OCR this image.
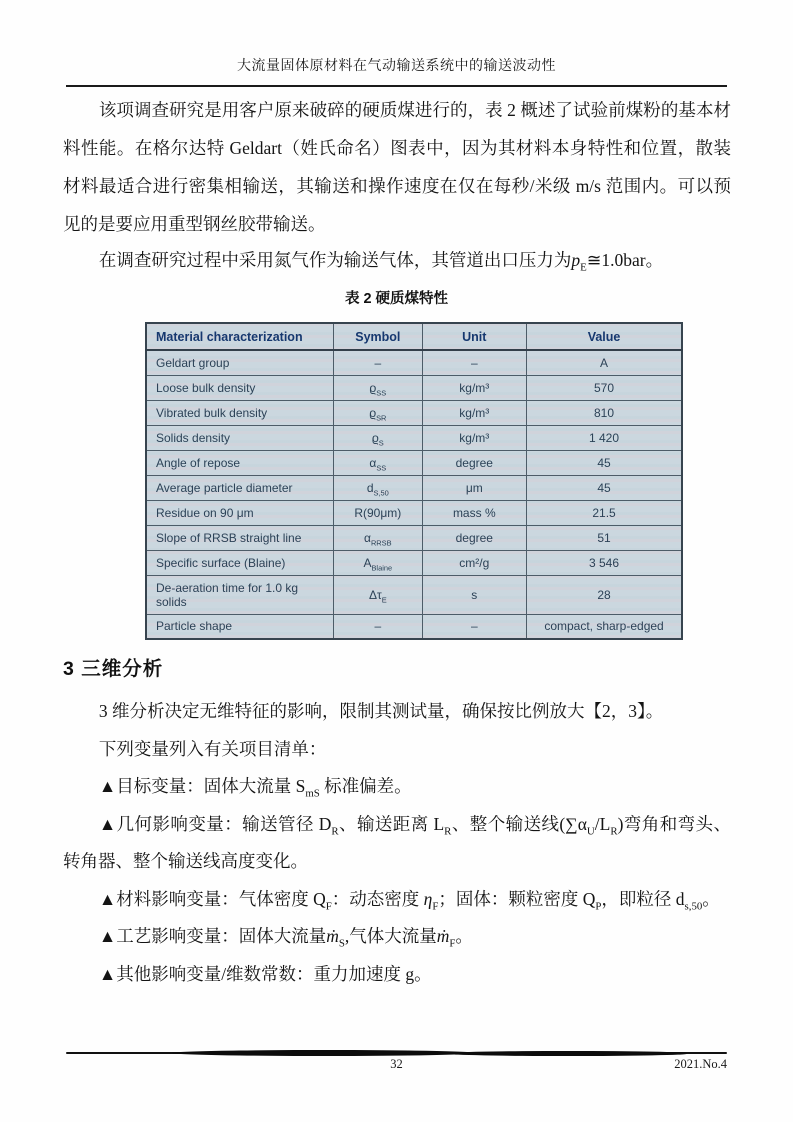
大流量固体原材料在气动输送系统中的输送波动性

该项调查研究是用客户原来破碎的硬质煤进行的，表 2 概述了试验前煤粉的基本材料性能。在格尔达特 Geldart（姓氏命名）图表中，因为其材料本身特性和位置，散装材料最适合进行密集相输送，其输送和操作速度在仅在每秒/米级 m/s 范围内。可以预见的是要应用重型钢丝胶带输送。

在调查研究过程中采用氮气作为输送气体，其管道出口压力为$p_E≅1.0bar$。

表 2 硬质煤特性
Material characterization	Symbol	Unit	Value
Geldart group	–	–	A
Loose bulk density	$ϱ_{SS}$	kg/m³	570
Vibrated bulk density	$ϱ_{SR}$	kg/m³	810
Solids density	$ϱ_S$	kg/m³	1 420
Angle of repose	$\alpha_{SS}$	degree	45
Average particle diameter	$d_{S,50}$	μm	45
Residue on 90 μm	R(90μm)	mass %	21.5
Slope of RRSB straight line	$\alpha_{RRSB}$	degree	51
Specific surface (Blaine)	$A_{Blaine}$	cm²/g	3 546
De-aeration time for 1.0 kg solids	$\Delta\tau_E$	s	28
Particle shape	–	–	compact, sharp-edged
3 三维分析

3 维分析决定无维特征的影响，限制其测试量，确保按比例放大【2，3】。

下列变量列入有关项目清单：

▲目标变量：固体大流量 $S_{mS}$ 标准偏差。

▲几何影响变量：输送管径 $D_R$、输送距离 $L_R$、整个输送线$(\sum\alpha_U/L_R)$弯角和弯头、转角器、整个输送线高度变化。

▲材料影响变量：气体密度 $Q_F$：动态密度 $\eta_F$；固体：颗粒密度 $Q_P$，即粒径 $d_{s,50}$。

▲工艺影响变量：固体大流量ṁ$_S$,气体大流量ṁ$_F$。

▲其他影响变量/维数常数：重力加速度 g。

32	2021.No.4
